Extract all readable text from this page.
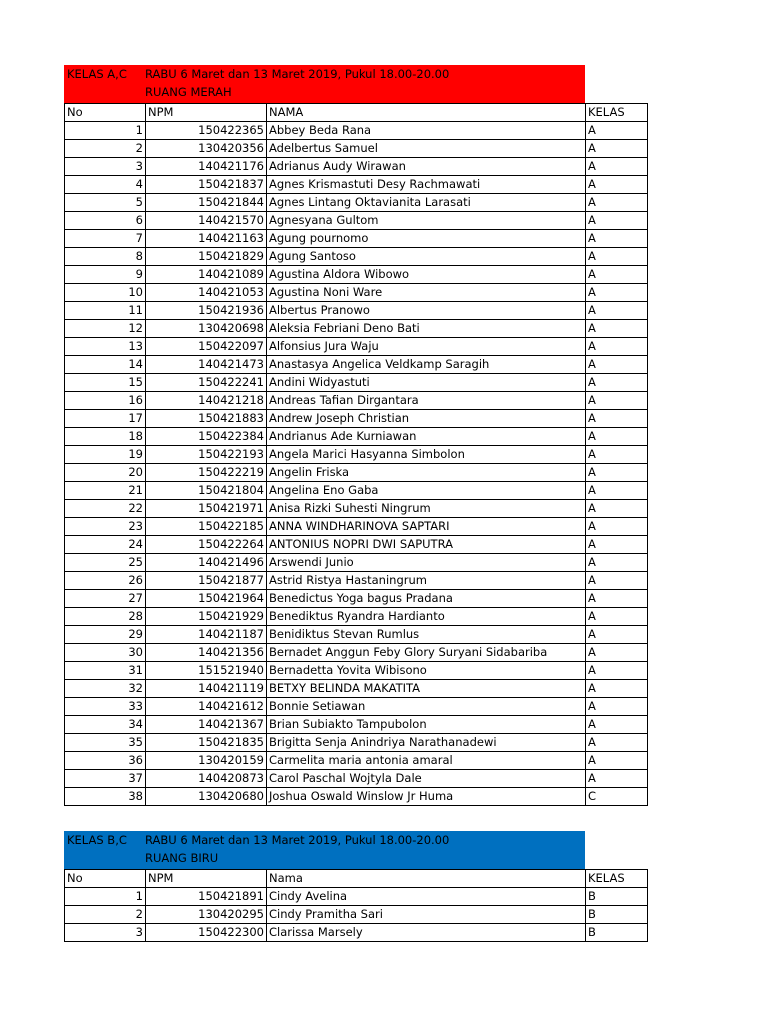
KELAS A,C RABU 6 Maret dan 13 Maret 2019, Pukul 18.00-20.00
RUANG MERAH
No	NPM	NAMA	KELAS
1	150422365	Abbey Beda Rana	A
2	130420356	Adelbertus Samuel	A
3	140421176	Adrianus Audy Wirawan	A
4	150421837	Agnes Krismastuti Desy Rachmawati	A
5	150421844	Agnes Lintang Oktavianita Larasati	A
6	140421570	Agnesyana Gultom	A
7	140421163	Agung pournomo	A
8	150421829	Agung Santoso	A
9	140421089	Agustina Aldora Wibowo	A
10	140421053	Agustina Noni Ware	A
11	150421936	Albertus Pranowo	A
12	130420698	Aleksia Febriani Deno Bati	A
13	150422097	Alfonsius Jura Waju	A
14	140421473	Anastasya Angelica Veldkamp Saragih	A
15	150422241	Andini Widyastuti	A
16	140421218	Andreas Tafian Dirgantara	A
17	150421883	Andrew Joseph Christian	A
18	150422384	Andrianus Ade Kurniawan	A
19	150422193	Angela Marici Hasyanna Simbolon	A
20	150422219	Angelin Friska	A
21	150421804	Angelina Eno Gaba	A
22	150421971	Anisa Rizki Suhesti Ningrum	A
23	150422185	ANNA WINDHARINOVA SAPTARI	A
24	150422264	ANTONIUS NOPRI DWI SAPUTRA	A
25	140421496	Arswendi Junio	A
26	150421877	Astrid Ristya Hastaningrum	A
27	150421964	Benedictus Yoga bagus Pradana	A
28	150421929	Benediktus Ryandra Hardianto	A
29	140421187	Benidiktus Stevan Rumlus	A
30	140421356	Bernadet Anggun Feby Glory Suryani Sidabariba	A
31	151521940	Bernadetta Yovita Wibisono	A
32	140421119	BETXY BELINDA MAKATITA	A
33	140421612	Bonnie Setiawan	A
34	140421367	Brian Subiakto Tampubolon	A
35	150421835	Brigitta Senja Anindriya Narathanadewi	A
36	130420159	Carmelita maria antonia amaral	A
37	140420873	Carol Paschal Wojtyla Dale	A
38	130420680	Joshua Oswald Winslow Jr Huma	C
KELAS B,C RABU 6 Maret dan 13 Maret 2019, Pukul 18.00-20.00
RUANG BIRU
No	NPM	Nama	KELAS
1	150421891	Cindy Avelina	B
2	130420295	Cindy Pramitha Sari	B
3	150422300	Clarissa Marsely	B
